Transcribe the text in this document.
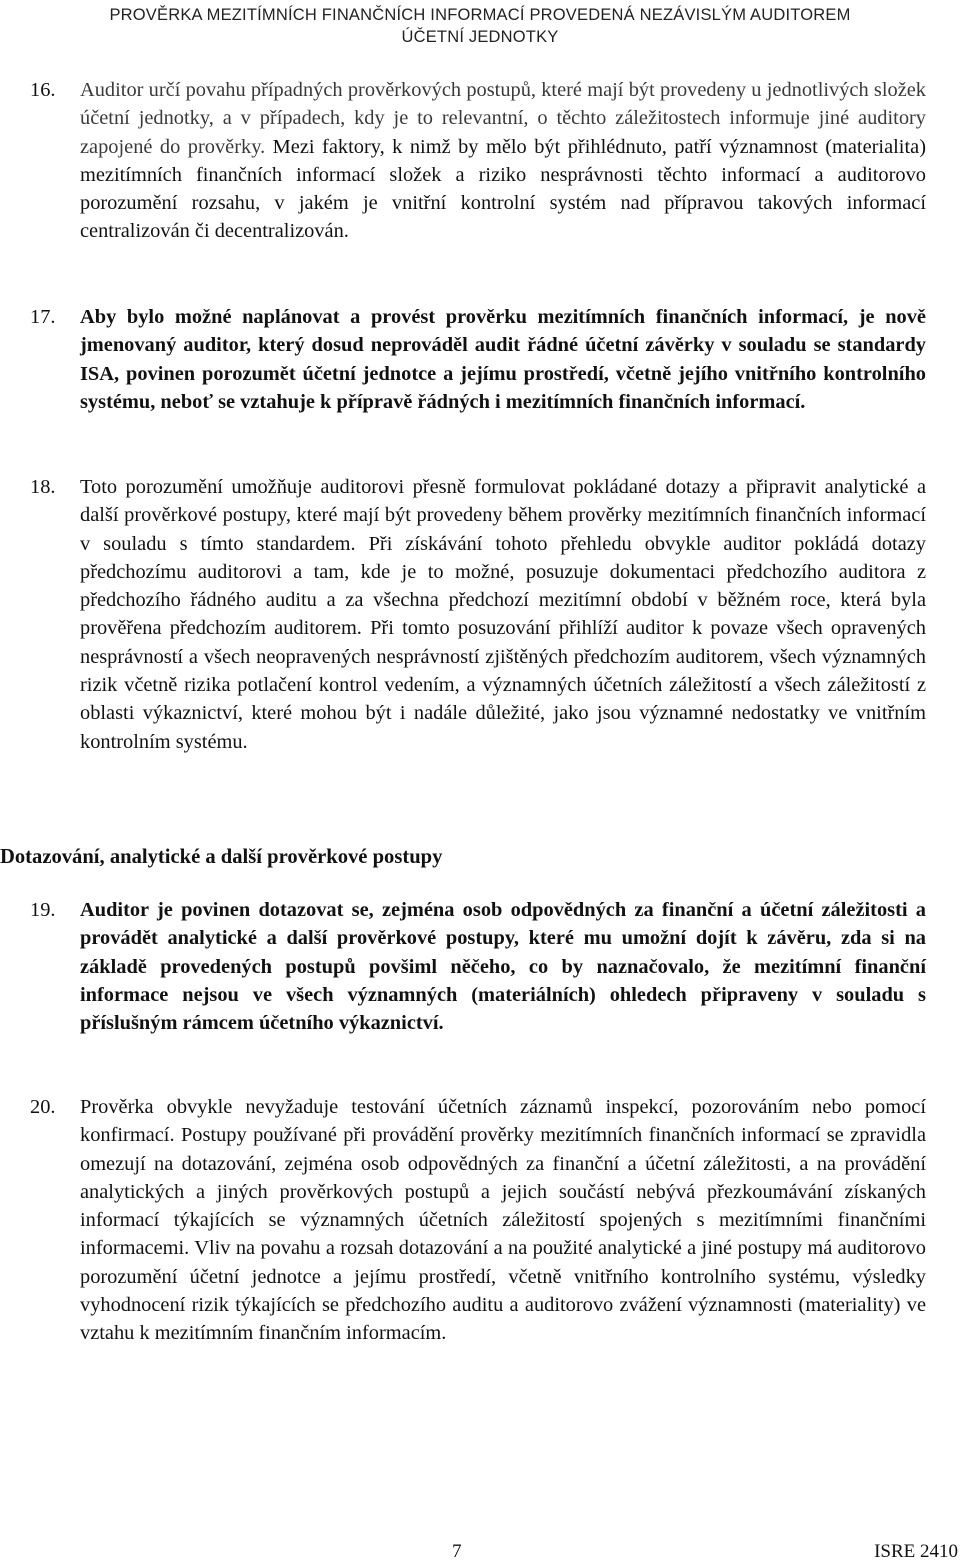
PROVĚRKA MEZITÍMNÍCH FINANČNÍCH INFORMACÍ PROVEDENÁ NEZÁVISLÝM AUDITOREM
ÚČETNÍ JEDNOTKY
16. Auditor určí povahu případných prověrkových postupů, které mají být provedeny u jednotlivých složek účetní jednotky, a v případech, kdy je to relevantní, o těchto záležitostech informuje jiné auditory zapojené do prověrky. Mezi faktory, k nimž by mělo být přihlédnuto, patří významnost (materialita) mezitímních finančních informací složek a riziko nesprávnosti těchto informací a auditorovo porozumění rozsahu, v jakém je vnitřní kontrolní systém nad přípravou takových informací centralizován či decentralizován.
17. Aby bylo možné naplánovat a provést prověrku mezitímních finančních informací, je nově jmenovaný auditor, který dosud neprováděl audit řádné účetní závěrky v souladu se standardy ISA, povinen porozumět účetní jednotce a jejímu prostředí, včetně jejího vnitřního kontrolního systému, neboť se vztahuje k přípravě řádných i mezitímních finančních informací.
18. Toto porozumění umožňuje auditorovi přesně formulovat pokládané dotazy a připravit analytické a další prověrkové postupy, které mají být provedeny během prověrky mezitímních finančních informací v souladu s tímto standardem. Při získávání tohoto přehledu obvykle auditor pokládá dotazy předchozímu auditorovi a tam, kde je to možné, posuzuje dokumentaci předchozího auditora z předchozího řádného auditu a za všechna předchozí mezitímní období v běžném roce, která byla prověřena předchozím auditorem. Při tomto posuzování přihlíží auditor k povaze všech opravených nesprávností a všech neopravených nesprávností zjištěných předchozím auditorem, všech významných rizik včetně rizika potlačení kontrol vedením, a významných účetních záležitostí a všech záležitostí z oblasti výkaznictví, které mohou být i nadále důležité, jako jsou významné nedostatky ve vnitřním kontrolním systému.
Dotazování, analytické a další prověrkové postupy
19. Auditor je povinen dotazovat se, zejména osob odpovědných za finanční a účetní záležitosti a provádět analytické a další prověrkové postupy, které mu umožní dojít k závěru, zda si na základě provedených postupů povšiml něčeho, co by naznačovalo, že mezitímní finanční informace nejsou ve všech významných (materiálních) ohledech připraveny v souladu s příslušným rámcem účetního výkaznictví.
20. Prověrka obvykle nevyžaduje testování účetních záznamů inspekcí, pozorováním nebo pomocí konfirmací. Postupy používané při provádění prověrky mezitímních finančních informací se zpravidla omezují na dotazování, zejména osob odpovědných za finanční a účetní záležitosti, a na provádění analytických a jiných prověrkových postupů a jejich součástí nebývá přezkoumávání získaných informací týkajících se významných účetních záležitostí spojených s mezitímními finančními informacemi. Vliv na povahu a rozsah dotazování a na použité analytické a jiné postupy má auditorovo porozumění účetní jednotce a jejímu prostředí, včetně vnitřního kontrolního systému, výsledky vyhodnocení rizik týkajících se předchozího auditu a auditorovo zvážení významnosti (materiality) ve vztahu k mezitímním finančním informacím.
7	ISRE 2410
